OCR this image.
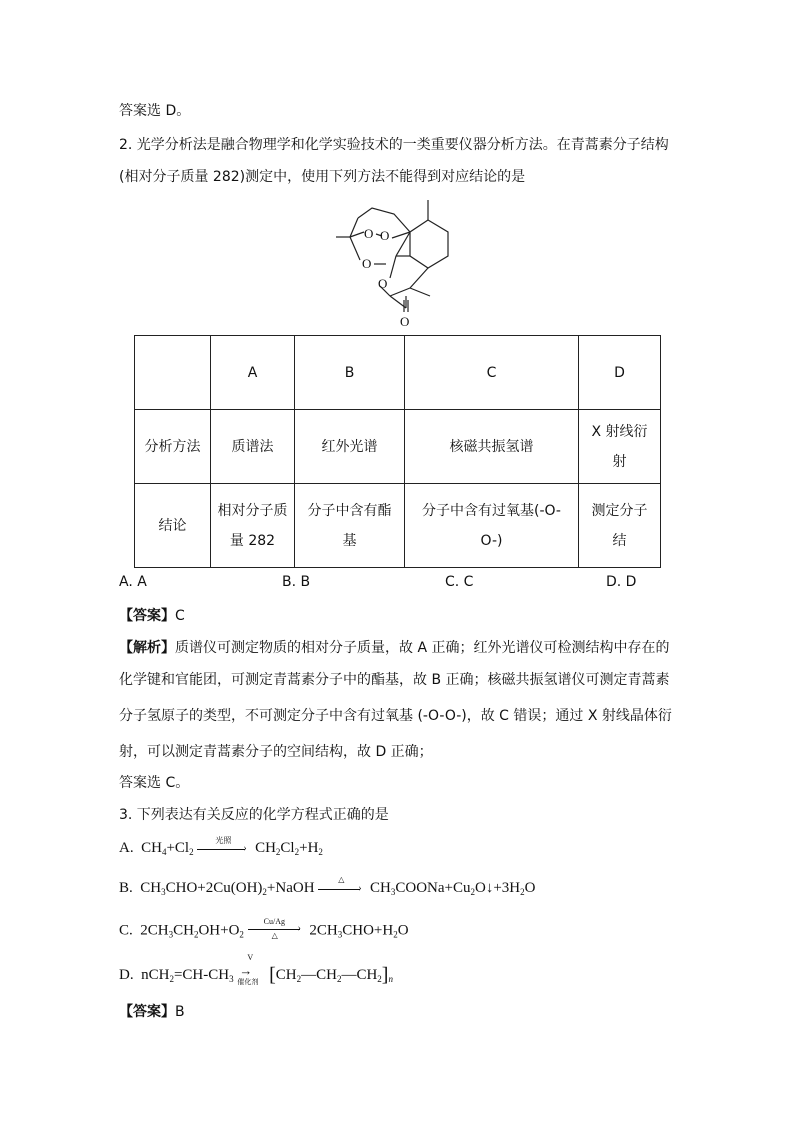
答案选 D。
2. 光学分析法是融合物理学和化学实验技术的一类重要仪器分析方法。在青蒿素分子结构
(相对分子质量 282)测定中，使用下列方法不能得到对应结论的是
O O
O
O
O
	A	B	C	D
分析方法	质谱法	红外光谱	核磁共振氢谱	X 射线衍射
结论	相对分子质量 282	分子中含有酯基	分子中含有过氧基(-O-O-)	测定分子结
A. A	B. B	C. C	D. D
【答案】C
【解析】质谱仪可测定物质的相对分子质量，故 A 正确；红外光谱仪可检测结构中存在的
化学键和官能团，可测定青蒿素分子中的酯基，故 B 正确；核磁共振氢谱仪可测定青蒿素
分子氢原子的类型，不可测定分子中含有过氧基 (-O-O-)，故 C 错误；通过 X 射线晶体衍
射，可以测定青蒿素分子的空间结构，故 D 正确；
答案选 C。
3. 下列表达有关反应的化学方程式正确的是
A.  $CH_4+Cl_2$
光照
› $CH_2Cl_2+H_2$
B.  $CH_3CHO+2Cu(OH)_2+NaOH$
△
› $CH_3COONa+Cu_2O↓+3H_2O$
C.  $2CH_3CH_2OH+O_2$
Cu/Ag
›
△ $2CH_3CHO+H_2O$
D.  $nCH_2=CH-CH_3$
V
→
催化剂 $[CH_2—CH_2—CH_2]_n$
【答案】B
